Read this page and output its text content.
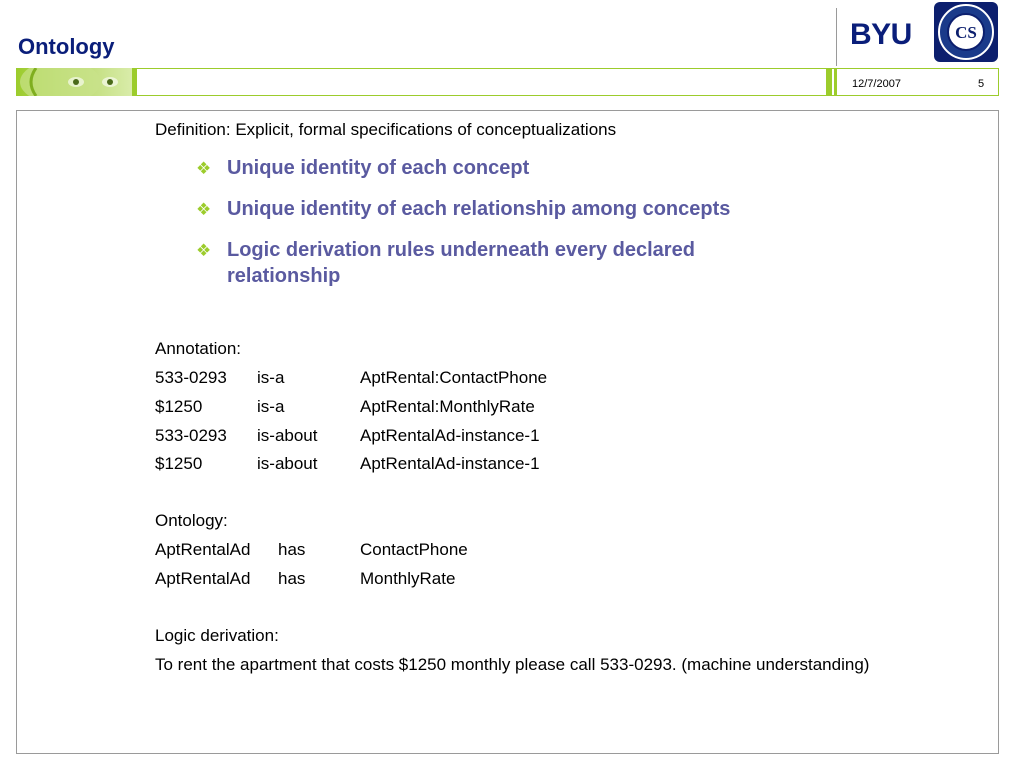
Ontology	BYU	CS
12/7/2007	5
Definition: Explicit, formal specifications of conceptualizations
❖ Unique identity of each concept
❖ Unique identity of each relationship among concepts
❖ Logic derivation rules underneath every declared relationship
Annotation:
533-0293 is-a	AptRental:ContactPhone
$1250	is-a	AptRental:MonthlyRate
533-0293 is-about	AptRentalAd-instance-1
$1250	is-about	AptRentalAd-instance-1
Ontology:
AptRentalAd has	ContactPhone
AptRentalAd has	MonthlyRate
Logic derivation:
To rent the apartment that costs $1250 monthly please call 533-0293. (machine understanding)
